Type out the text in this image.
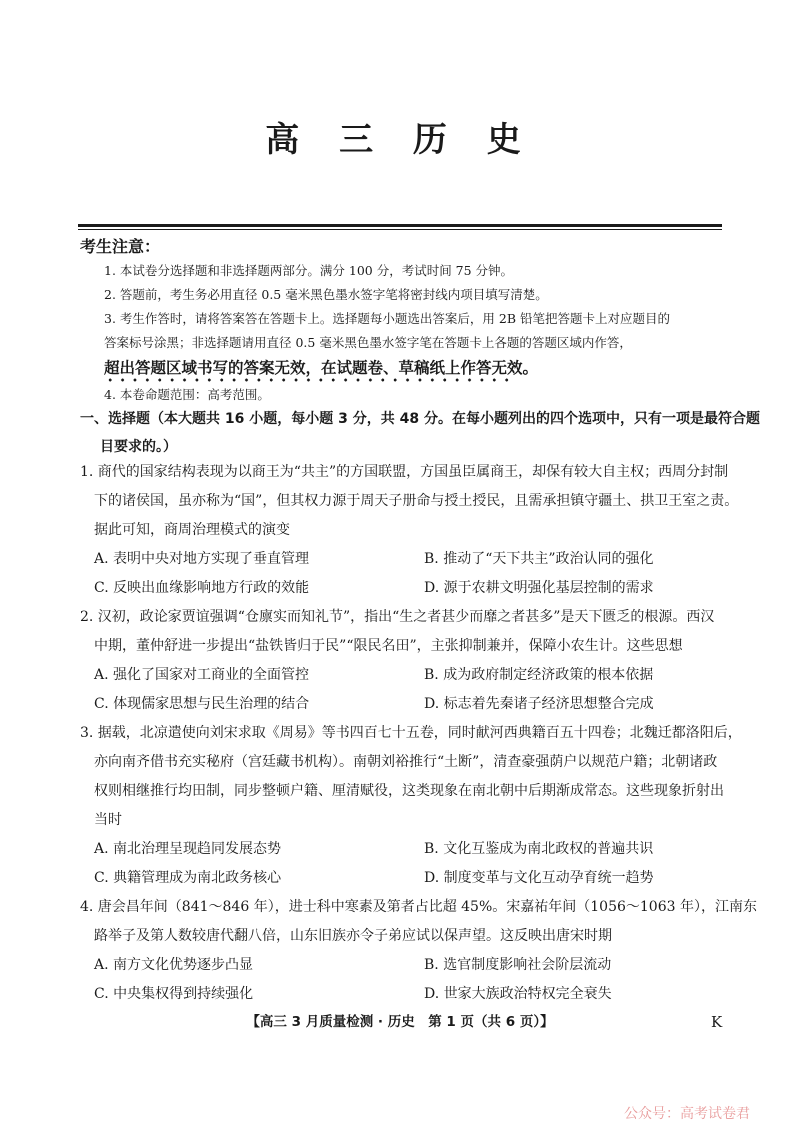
高 三 历 史
考生注意：
1. 本试卷分选择题和非选择题两部分。满分 100 分，考试时间 75 分钟。
2. 答题前，考生务必用直径 0.5 毫米黑色墨水签字笔将密封线内项目填写清楚。
3. 考生作答时，请将答案答在答题卡上。选择题每小题选出答案后，用 2B 铅笔把答题卡上对应题目的
答案标号涂黑；非选择题请用直径 0.5 毫米黑色墨水签字笔在答题卡上各题的答题区域内作答，
超出答题区域书写的答案无效，在试题卷、草稿纸上作答无效。
4. 本卷命题范围：高考范围。
一、选择题（本大题共 16 小题，每小题 3 分，共 48 分。在每小题列出的四个选项中，只有一项是最符合题
目要求的。）
1. 商代的国家结构表现为以商王为“共主”的方国联盟，方国虽臣属商王，却保有较大自主权；西周分封制
下的诸侯国，虽亦称为“国”，但其权力源于周天子册命与授土授民，且需承担镇守疆土、拱卫王室之责。
据此可知，商周治理模式的演变
A. 表明中央对地方实现了垂直管理	B. 推动了“天下共主”政治认同的强化
C. 反映出血缘影响地方行政的效能	D. 源于农耕文明强化基层控制的需求
2. 汉初，政论家贾谊强调“仓廪实而知礼节”，指出“生之者甚少而靡之者甚多”是天下匮乏的根源。西汉
中期，董仲舒进一步提出“盐铁皆归于民”“限民名田”，主张抑制兼并，保障小农生计。这些思想
A. 强化了国家对工商业的全面管控	B. 成为政府制定经济政策的根本依据
C. 体现儒家思想与民生治理的结合	D. 标志着先秦诸子经济思想整合完成
3. 据载，北凉遣使向刘宋求取《周易》等书四百七十五卷，同时献河西典籍百五十四卷；北魏迁都洛阳后，
亦向南齐借书充实秘府（宫廷藏书机构）。南朝刘裕推行“土断”，清查豪强荫户以规范户籍；北朝诸政
权则相继推行均田制，同步整顿户籍、厘清赋役，这类现象在南北朝中后期渐成常态。这些现象折射出
当时
A. 南北治理呈现趋同发展态势	B. 文化互鉴成为南北政权的普遍共识
C. 典籍管理成为南北政务核心	D. 制度变革与文化互动孕育统一趋势
4. 唐会昌年间（841～846 年），进士科中寒素及第者占比超 45%。宋嘉祐年间（1056～1063 年），江南东
路举子及第人数较唐代翻八倍，山东旧族亦令子弟应试以保声望。这反映出唐宋时期
A. 南方文化优势逐步凸显	B. 选官制度影响社会阶层流动
C. 中央集权得到持续强化	D. 世家大族政治特权完全衰失
【高三 3 月质量检测 · 历史　第 1 页（共 6 页）】	K
公众号：高考试卷君
